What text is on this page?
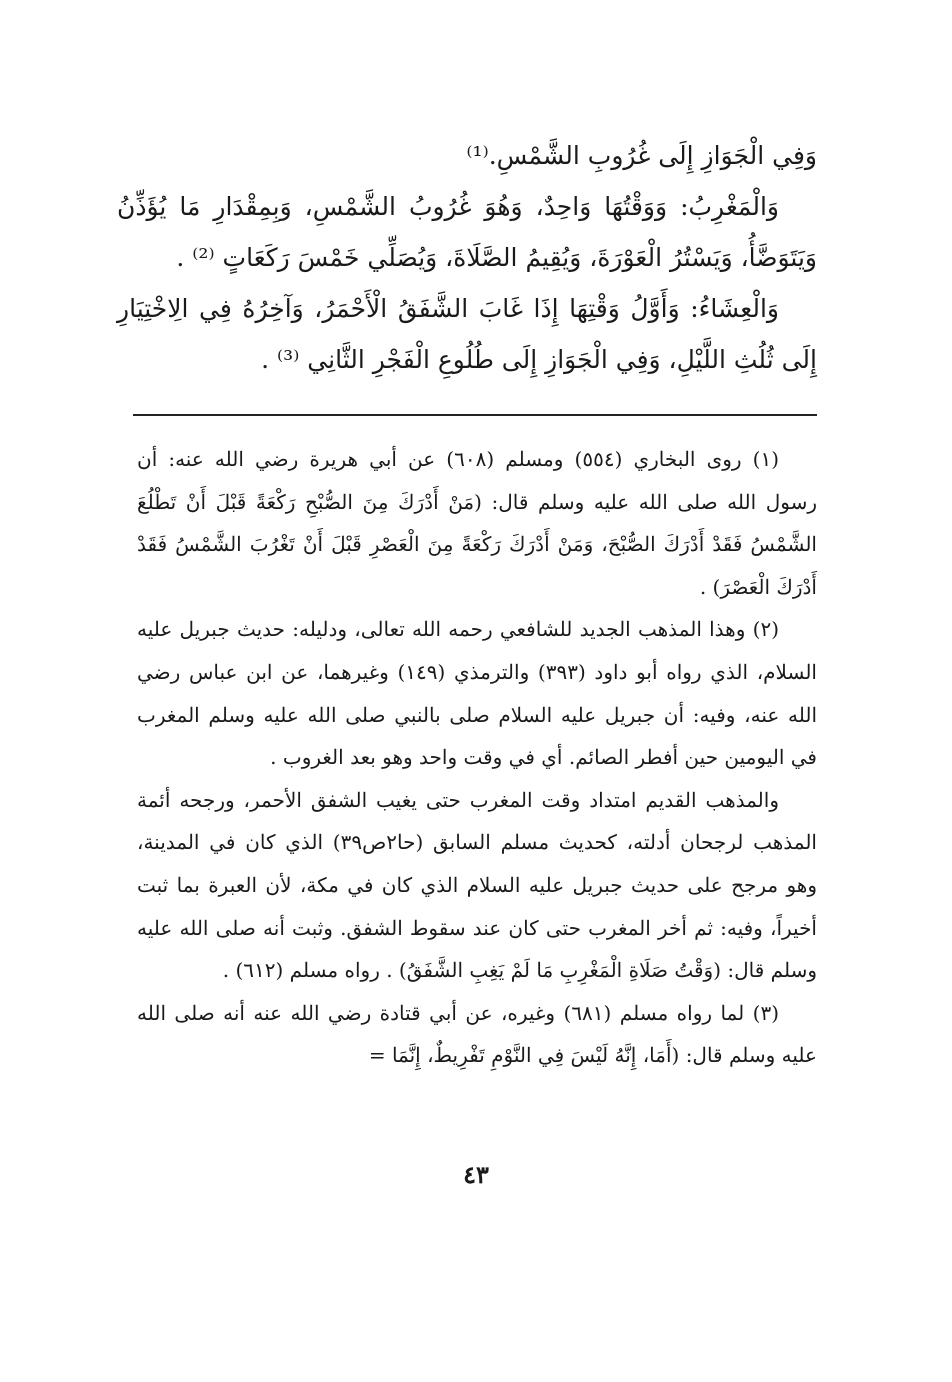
وَفِي الْجَوَازِ إِلَى غُرُوبِ الشَّمْسِ.⁽¹⁾

وَالْمَغْرِبُ: وَوَقْتُهَا وَاحِدٌ، وَهُوَ غُرُوبُ الشَّمْسِ، وَبِمِقْدَارِ مَا يُؤَذِّنُ وَيَتَوَضَّأُ، وَيَسْتُرُ الْعَوْرَةَ، وَيُقِيمُ الصَّلَاةَ، وَيُصَلِّي خَمْسَ رَكَعَاتٍ ⁽²⁾ .

وَالْعِشَاءُ: وَأَوَّلُ وَقْتِهَا إِذَا غَابَ الشَّفَقُ الْأَحْمَرُ، وَآخِرُهُ فِي الِاخْتِيَارِ إِلَى ثُلُثِ اللَّيْلِ، وَفِي الْجَوَازِ إِلَى طُلُوعِ الْفَجْرِ الثَّانِي ⁽³⁾ .

(١) روى البخاري (٥٥٤) ومسلم (٦٠٨) عن أبي هريرة رضي الله عنه: أن رسول الله صلى الله عليه وسلم قال: (مَنْ أَدْرَكَ مِنَ الصُّبْحِ رَكْعَةً قَبْلَ أَنْ تَطْلُعَ الشَّمْسُ فَقَدْ أَدْرَكَ الصُّبْحَ، وَمَنْ أَدْرَكَ رَكْعَةً مِنَ الْعَصْرِ قَبْلَ أَنْ تَغْرُبَ الشَّمْسُ فَقَدْ أَدْرَكَ الْعَصْرَ) .

(٢) وهذا المذهب الجديد للشافعي رحمه الله تعالى، ودليله: حديث جبريل عليه السلام، الذي رواه أبو داود (٣٩٣) والترمذي (١٤٩) وغيرهما، عن ابن عباس رضي الله عنه، وفيه: أن جبريل عليه السلام صلى بالنبي صلى الله عليه وسلم المغرب في اليومين حين أفطر الصائم. أي في وقت واحد وهو بعد الغروب .

والمذهب القديم امتداد وقت المغرب حتى يغيب الشفق الأحمر، ورجحه أئمة المذهب لرجحان أدلته، كحديث مسلم السابق (حا٢ص٣٩) الذي كان في المدينة، وهو مرجح على حديث جبريل عليه السلام الذي كان في مكة، لأن العبرة بما ثبت أخيراً، وفيه: ثم أخر المغرب حتى كان عند سقوط الشفق. وثبت أنه صلى الله عليه وسلم قال: (وَقْتُ صَلَاةِ الْمَغْرِبِ مَا لَمْ يَغِبِ الشَّفَقُ) . رواه مسلم (٦١٢) .

(٣) لما رواه مسلم (٦٨١) وغيره، عن أبي قتادة رضي الله عنه أنه صلى الله عليه وسلم قال: (أَمَا، إِنَّهُ لَيْسَ فِي النَّوْمِ تَفْرِيطٌ، إِنَّمَا =

٤٣
